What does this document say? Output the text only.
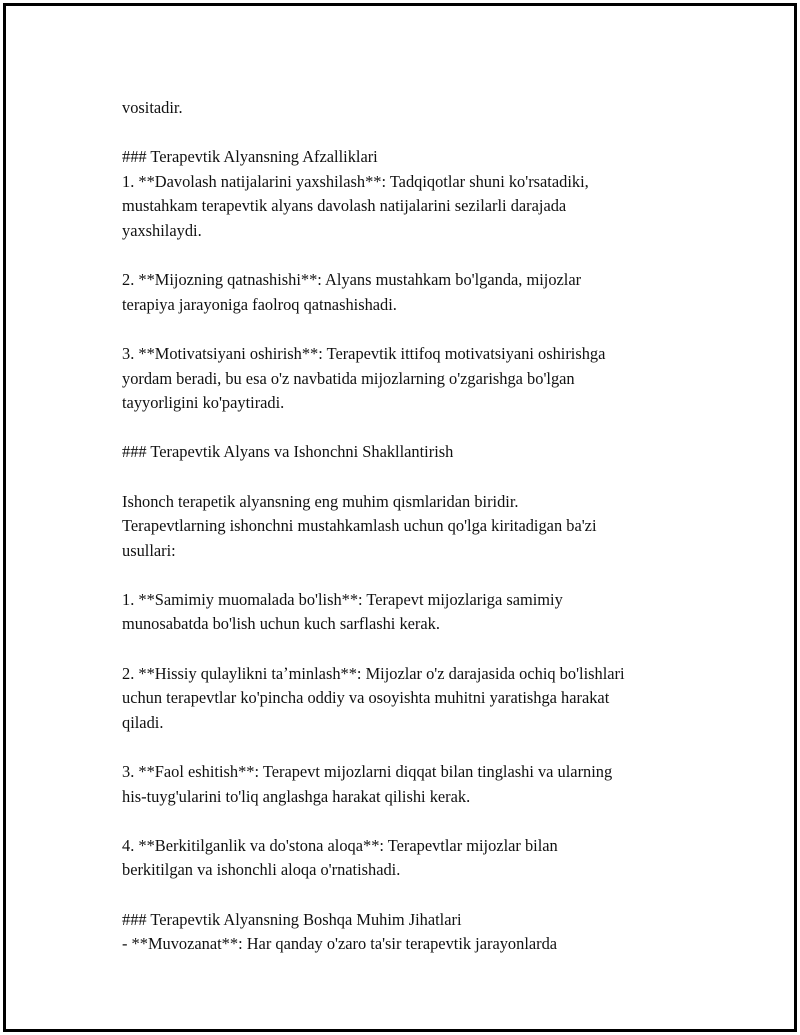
vositadir.

### Terapevtik Alyansning Afzalliklari
1. **Davolash natijalarini yaxshilash**: Tadqiqotlar shuni ko'rsatadiki,
mustahkam terapevtik alyans davolash natijalarini sezilarli darajada
yaxshilaydi.

2. **Mijozning qatnashishi**: Alyans mustahkam bo'lganda, mijozlar
terapiya jarayoniga faolroq qatnashishadi.

3. **Motivatsiyani oshirish**: Terapevtik ittifoq motivatsiyani oshirishga
yordam beradi, bu esa o'z navbatida mijozlarning o'zgarishga bo'lgan
tayyorligini ko'paytiradi.

### Terapevtik Alyans va Ishonchni Shakllantirish

Ishonch terapetik alyansning eng muhim qismlaridan biridir.
Terapevtlarning ishonchni mustahkamlash uchun qo'lga kiritadigan ba'zi
usullari:

1. **Samimiy muomalada bo'lish**: Terapevt mijozlariga samimiy
munosabatda bo'lish uchun kuch sarflashi kerak.

2. **Hissiy qulaylikni taʼminlash**: Mijozlar o'z darajasida ochiq bo'lishlari
uchun terapevtlar ko'pincha oddiy va osoyishta muhitni yaratishga harakat
qiladi.

3. **Faol eshitish**: Terapevt mijozlarni diqqat bilan tinglashi va ularning
his-tuyg'ularini to'liq anglashga harakat qilishi kerak.

4. **Berkitilganlik va do'stona aloqa**: Terapevtlar mijozlar bilan
berkitilgan va ishonchli aloqa o'rnatishadi.

### Terapevtik Alyansning Boshqa Muhim Jihatlari
- **Muvozanat**: Har qanday o'zaro ta'sir terapevtik jarayonlarda
